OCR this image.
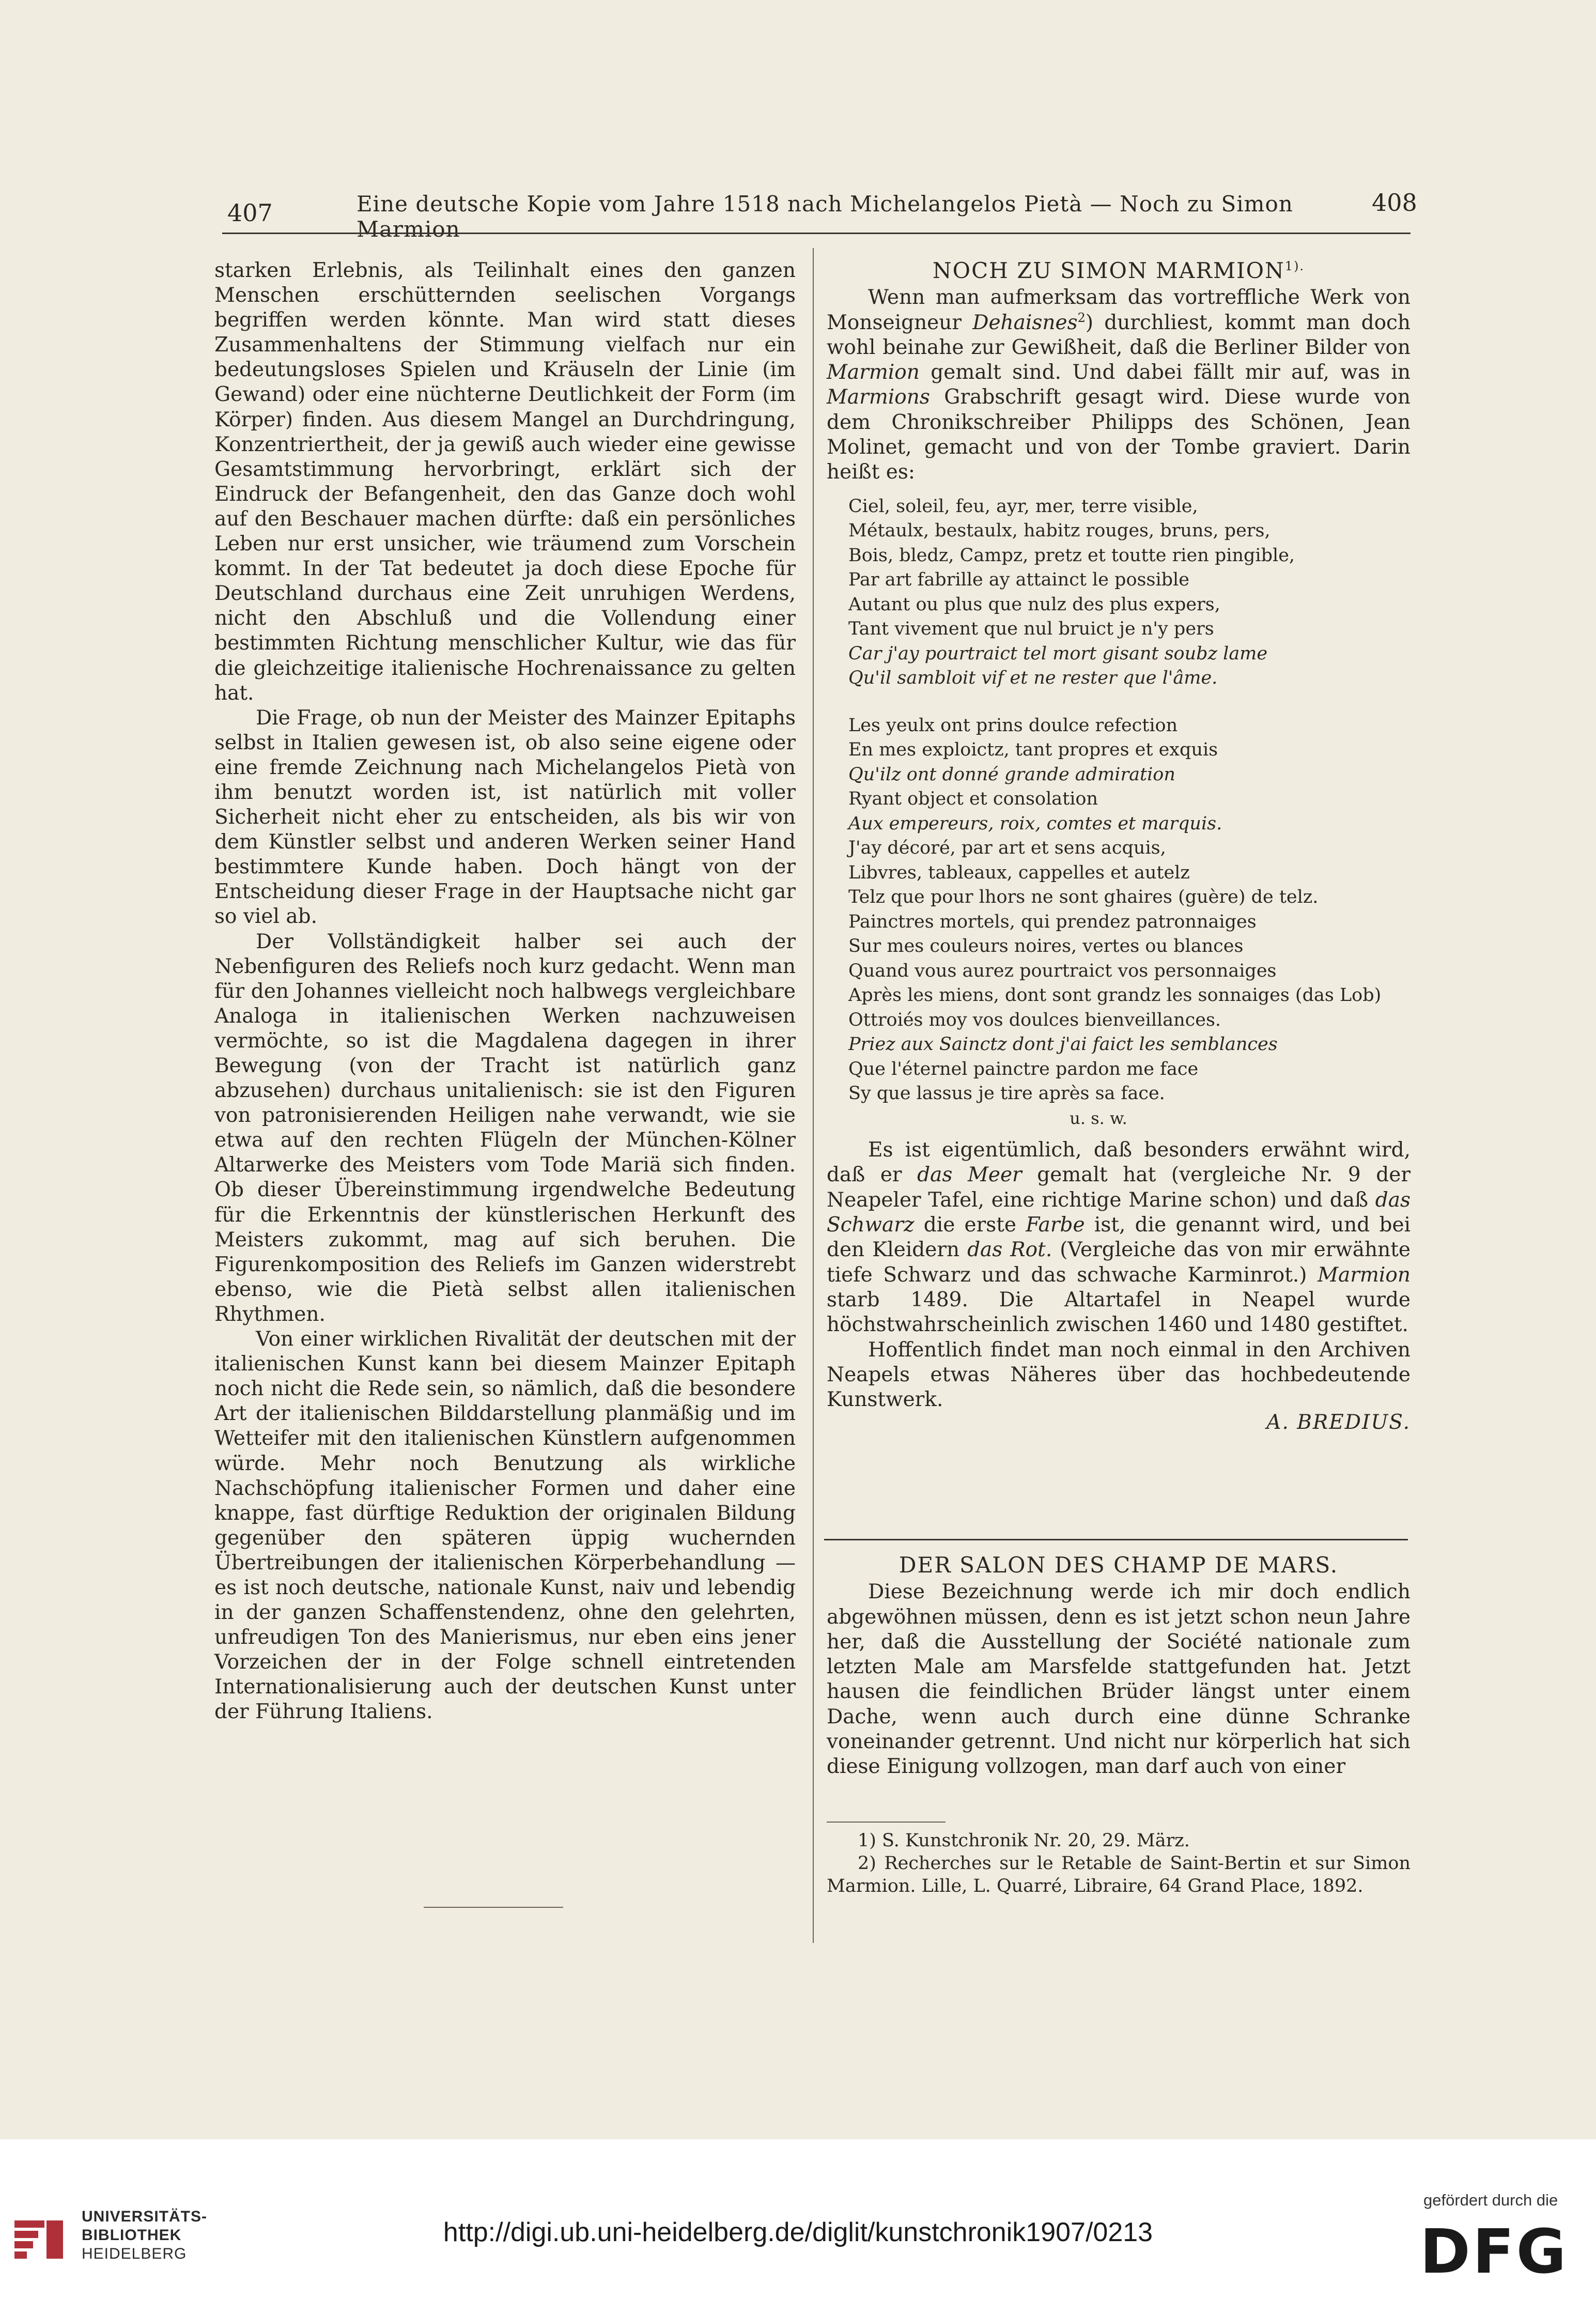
407	Eine deutsche Kopie vom Jahre 1518 nach Michelangelos Pietà — Noch zu Simon Marmion
408

starken Erlebnis, als Teilinhalt eines den ganzen Menschen erschütternden seelischen Vorgangs begriffen werden könnte. Man wird statt dieses Zusammenhaltens der Stimmung vielfach nur ein bedeutungsloses Spielen und Kräuseln der Linie (im Gewand) oder eine nüchterne Deutlichkeit der Form (im Körper) finden. Aus diesem Mangel an Durchdringung, Konzentriertheit, der ja gewiß auch wieder eine gewisse Gesamtstimmung hervorbringt, erklärt sich der Eindruck der Befangenheit, den das Ganze doch wohl auf den Beschauer machen dürfte: daß ein persönliches Leben nur erst unsicher, wie träumend zum Vorschein kommt. In der Tat bedeutet ja doch diese Epoche für Deutschland durchaus eine Zeit unruhigen Werdens, nicht den Abschluß und die Vollendung einer bestimmten Richtung menschlicher Kultur, wie das für die gleichzeitige italienische Hochrenaissance zu gelten hat.

Die Frage, ob nun der Meister des Mainzer Epitaphs selbst in Italien gewesen ist, ob also seine eigene oder eine fremde Zeichnung nach Michelangelos Pietà von ihm benutzt worden ist, ist natürlich mit voller Sicherheit nicht eher zu entscheiden, als bis wir von dem Künstler selbst und anderen Werken seiner Hand bestimmtere Kunde haben. Doch hängt von der Entscheidung dieser Frage in der Hauptsache nicht gar so viel ab.

Der Vollständigkeit halber sei auch der Nebenfiguren des Reliefs noch kurz gedacht. Wenn man für den Johannes vielleicht noch halbwegs vergleichbare Analoga in italienischen Werken nachzuweisen vermöchte, so ist die Magdalena dagegen in ihrer Bewegung (von der Tracht ist natürlich ganz abzusehen) durchaus unitalienisch: sie ist den Figuren von patronisierenden Heiligen nahe verwandt, wie sie etwa auf den rechten Flügeln der München-Kölner Altarwerke des Meisters vom Tode Mariä sich finden. Ob dieser Übereinstimmung irgendwelche Bedeutung für die Erkenntnis der künstlerischen Herkunft des Meisters zukommt, mag auf sich beruhen. Die Figurenkomposition des Reliefs im Ganzen widerstrebt ebenso, wie die Pietà selbst allen italienischen Rhythmen.

Von einer wirklichen Rivalität der deutschen mit der italienischen Kunst kann bei diesem Mainzer Epitaph noch nicht die Rede sein, so nämlich, daß die besondere Art der italienischen Bilddarstellung planmäßig und im Wetteifer mit den italienischen Künstlern aufgenommen würde. Mehr noch Benutzung als wirkliche Nachschöpfung italienischer Formen und daher eine knappe, fast dürftige Reduktion der originalen Bildung gegenüber den späteren üppig wuchernden Übertreibungen der italienischen Körperbehandlung — es ist noch deutsche, nationale Kunst, naiv und lebendig in der ganzen Schaffenstendenz, ohne den gelehrten, unfreudigen Ton des Manierismus, nur eben eins jener Vorzeichen der in der Folge schnell eintretenden Internationalisierung auch der deutschen Kunst unter der Führung Italiens.

NOCH ZU SIMON $MARMION^{1).}$

Wenn man aufmerksam das vortreffliche Werk von Monseigneur Dehaisnes$^2$) durchliest, kommt man doch wohl beinahe zur Gewißheit, daß die Berliner Bilder von Marmion gemalt sind. Und dabei fällt mir auf, was in Marmions Grabschrift gesagt wird. Diese wurde von dem Chronikschreiber Philipps des Schönen, Jean Molinet, gemacht und von der Tombe graviert. Darin heißt es:

Ciel, soleil, feu, ayr, mer, terre visible,
Métaulx, bestaulx, habitz rouges, bruns, pers,
Bois, bledz, Campz, pretz et toutte rien pingible,
Par art fabrille ay attainct le possible
Autant ou plus que nulz des plus expers,
Tant vivement que nul bruict je n'y pers
Car j'ay pourtraict tel mort gisant soubz lame
Qu'il sambloit vif et ne rester que l'âme.
Les yeulx ont prins doulce refection
En mes exploictz, tant propres et exquis
Qu'ilz ont donné grande admiration
Ryant object et consolation
Aux empereurs, roix, comtes et marquis.
J'ay décoré, par art et sens acquis,
Libvres, tableaux, cappelles et autelz
Telz que pour lhors ne sont ghaires (guère) de telz.
Painctres mortels, qui prendez patronnaiges
Sur mes couleurs noires, vertes ou blances
Quand vous aurez pourtraict vos personnaiges
Après les miens, dont sont grandz les sonnaiges (das Lob)
Ottroiés moy vos doulces bienveillances.
Priez aux Sainctz dont j'ai faict les semblances
Que l'éternel painctre pardon me face
Sy que lassus je tire après sa face.
u. s. w.

Es ist eigentümlich, daß besonders erwähnt wird, daß er das Meer gemalt hat (vergleiche Nr. 9 der Neapeler Tafel, eine richtige Marine schon) und daß das Schwarz die erste Farbe ist, die genannt wird, und bei den Kleidern das Rot. (Vergleiche das von mir erwähnte tiefe Schwarz und das schwache Karminrot.) Marmion starb 1489. Die Altartafel in Neapel wurde höchstwahrscheinlich zwischen 1460 und 1480 gestiftet.

Hoffentlich findet man noch einmal in den Archiven Neapels etwas Näheres über das hochbedeutende Kunstwerk.

A. BREDIUS.
DER SALON DES CHAMP DE MARS.

Diese Bezeichnung werde ich mir doch endlich abgewöhnen müssen, denn es ist jetzt schon neun Jahre her, daß die Ausstellung der Société nationale zum letzten Male am Marsfelde stattgefunden hat. Jetzt hausen die feindlichen Brüder längst unter einem Dache, wenn auch durch eine dünne Schranke voneinander getrennt. Und nicht nur körperlich hat sich diese Einigung vollzogen, man darf auch von einer

1) S. Kunstchronik Nr. 20, 29. März.

2) Recherches sur le Retable de Saint-Bertin et sur Simon Marmion. Lille, L. Quarré, Libraire, 64 Grand Place, 1892.

UNIVERSITÄTS-
BIBLIOTHEK
HEIDELBERG
http://digi.ub.uni-heidelberg.de/diglit/kunstchronik1907/0213
gefördert durch die
DFG
